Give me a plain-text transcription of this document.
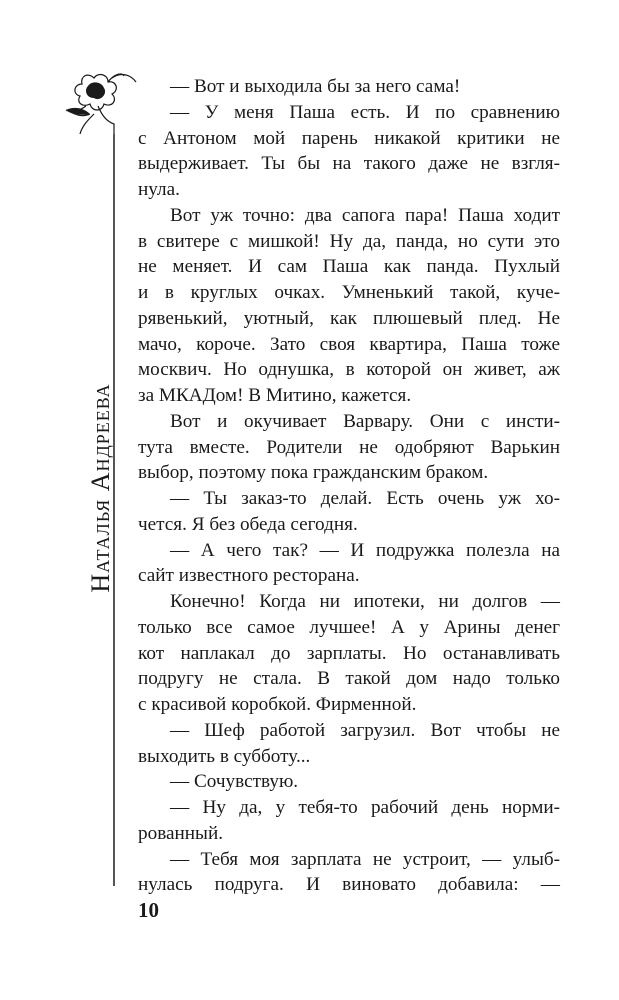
Наталья Андреева
— Вот и выходила бы за него сама!
— У меня Паша есть. И по сравнению
с Антоном мой парень никакой критики не
выдерживает. Ты бы на такого даже не взгля-
нула.
Вот уж точно: два сапога пара! Паша ходит
в свитере с мишкой! Ну да, панда, но сути это
не меняет. И сам Паша как панда. Пухлый
и в круглых очках. Умненький такой, куче-
рявенький, уютный, как плюшевый плед. Не
мачо, короче. Зато своя квартира, Паша тоже
москвич. Но однушка, в которой он живет, аж
за МКАДом! В Митино, кажется.
Вот и окучивает Варвару. Они с инсти-
тута вместе. Родители не одобряют Варькин
выбор, поэтому пока гражданским браком.
— Ты заказ-то делай. Есть очень уж хо-
чется. Я без обеда сегодня.
— А чего так? — И подружка полезла на
сайт известного ресторана.
Конечно! Когда ни ипотеки, ни долгов —
только все самое лучшее! А у Арины денег
кот наплакал до зарплаты. Но останавливать
подругу не стала. В такой дом надо только
с красивой коробкой. Фирменной.
— Шеф работой загрузил. Вот чтобы не
выходить в субботу...
— Сочувствую.
— Ну да, у тебя-то рабочий день норми-
рованный.
— Тебя моя зарплата не устроит, — улыб-
нулась подруга. И виновато добавила: —
10
